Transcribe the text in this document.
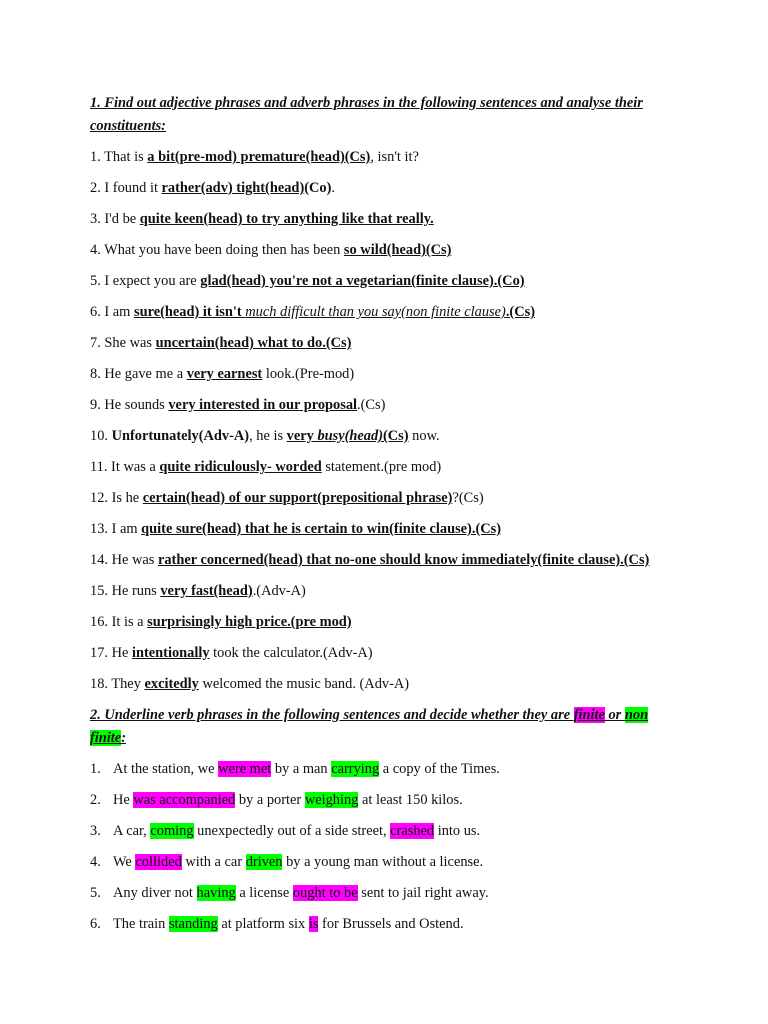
1. Find out adjective phrases and adverb phrases in the following sentences and analyse their
constituents:
1. That is a bit(pre-mod) premature(head)(Cs), isn't it?
2. I found it rather(adv) tight(head)(Co).
3. I'd be quite keen(head) to try anything like that really.
4. What you have been doing then has been so wild(head)(Cs)
5. I expect you are glad(head) you're not a vegetarian(finite clause).(Co)
6. I am sure(head) it isn't much difficult than you say(non finite clause).(Cs)
7. She was uncertain(head) what to do.(Cs)
8. He gave me a very earnest look.(Pre-mod)
9. He sounds very interested in our proposal.(Cs)
10. Unfortunately(Adv-A), he is very busy(head)(Cs) now.
11. It was a quite ridiculously- worded statement.(pre mod)
12. Is he certain(head) of our support(prepositional phrase)?(Cs)
13. I am quite sure(head) that he is certain to win(finite clause).(Cs)
14. He was rather concerned(head) that no-one should know immediately(finite clause).(Cs)
15. He runs very fast(head).(Adv-A)
16. It is a surprisingly high price.(pre mod)
17. He intentionally took the calculator.(Adv-A)
18. They excitedly welcomed the music band. (Adv-A)
2. Underline verb phrases in the following sentences and decide whether they are finite or non
finite:
1. At the station, we were met by a man carrying a copy of the Times.
2. He was accompanied by a porter weighing at least 150 kilos.
3. A car, coming unexpectedly out of a side street, crashed into us.
4. We collided with a car driven by a young man without a license.
5. Any diver not having a license ought to be sent to jail right away.
6. The train standing at platform six is for Brussels and Ostend.
